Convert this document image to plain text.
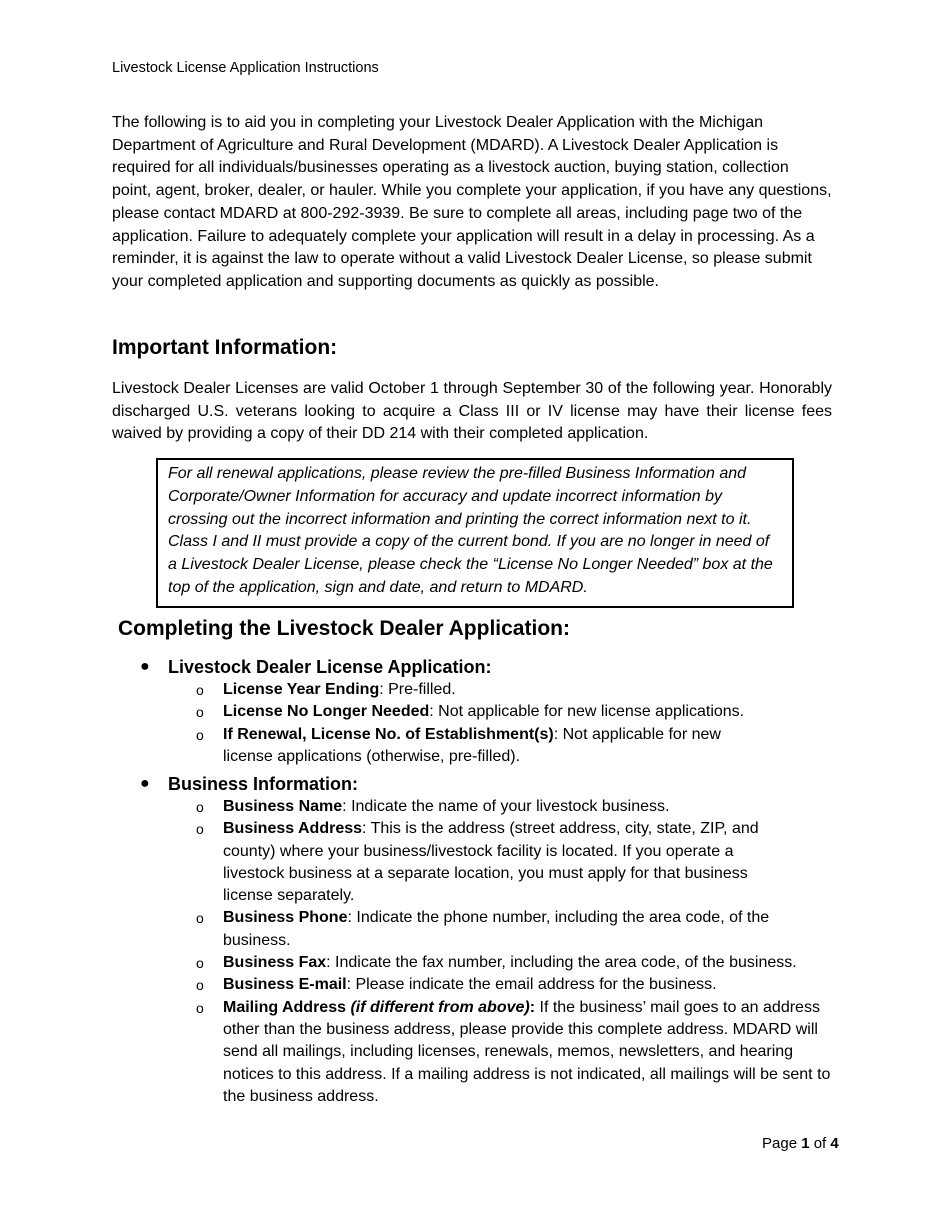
Livestock License Application Instructions

The following is to aid you in completing your Livestock Dealer Application with the Michigan Department of Agriculture and Rural Development (MDARD). A Livestock Dealer Application is required for all individuals/businesses operating as a livestock auction, buying station, collection point, agent, broker, dealer, or hauler. While you complete your application, if you have any questions, please contact MDARD at 800-292-3939. Be sure to complete all areas, including page two of the application. Failure to adequately complete your application will result in a delay in processing. As a reminder, it is against the law to operate without a valid Livestock Dealer License, so please submit your completed application and supporting documents as quickly as possible.

Important Information:

Livestock Dealer Licenses are valid October 1 through September 30 of the following year. Honorably discharged U.S. veterans looking to acquire a Class III or IV license may have their license fees waived by providing a copy of their DD 214 with their completed application.

For all renewal applications, please review the pre-filled Business Information and Corporate/Owner Information for accuracy and update incorrect information by crossing out the incorrect information and printing the correct information next to it. Class I and II must provide a copy of the current bond. If you are no longer in need of a Livestock Dealer License, please check the “License No Longer Needed” box at the top of the application, sign and date, and return to MDARD.
Completing the Livestock Dealer Application:
●	Livestock Dealer License Application:
o License Year Ending: Pre-filled.
o License No Longer Needed: Not applicable for new license applications.
o If Renewal, License No. of Establishment(s): Not applicable for new license applications (otherwise, pre-filled).
●	Business Information:
o Business Name: Indicate the name of your livestock business.
o Business Address: This is the address (street address, city, state, ZIP, and county) where your business/livestock facility is located. If you operate a livestock business at a separate location, you must apply for that business license separately.
o Business Phone: Indicate the phone number, including the area code, of the business.
o Business Fax: Indicate the fax number, including the area code, of the business.
o Business E-mail: Please indicate the email address for the business.
o Mailing Address (if different from above): If the business’ mail goes to an address other than the business address, please provide this complete address. MDARD will send all mailings, including licenses, renewals, memos, newsletters, and hearing notices to this address. If a mailing address is not indicated, all mailings will be sent to the business address.
Page 1 of 4
